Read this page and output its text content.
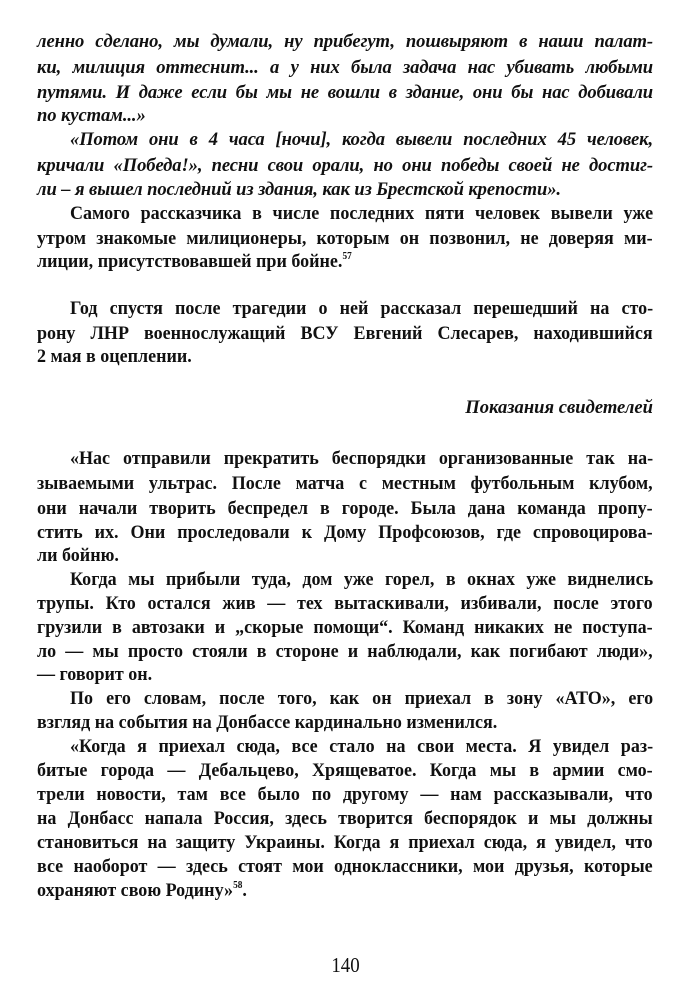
ленно сделано, мы думали, ну прибегут, пошвыряют в наши палат-
ки, милиция оттеснит... а у них была задача нас убивать любыми
путями. И даже если бы мы не вошли в здание, они бы нас добивали
по кустам...»
«Потом они в 4 часа [ночи], когда вывели последних 45 человек,
кричали «Победа!», песни свои орали, но они победы своей не достиг-
ли – я вышел последний из здания, как из Брестской крепости».
Самого рассказчика в числе последних пяти человек вывели уже
утром знакомые милиционеры, которым он позвонил, не доверяя ми-
лиции, присутствовавшей при бойне.$^{57}$
Год спустя после трагедии о ней рассказал перешедший на сто-
рону ЛНР военнослужащий ВСУ Евгений Слесарев, находившийся
2 мая в оцеплении.
Показания свидетелей
«Нас отправили прекратить беспорядки организованные так на-
зываемыми ультрас. После матча с местным футбольным клубом,
они начали творить беспредел в городе. Была дана команда пропу-
стить их. Они проследовали к Дому Профсоюзов, где спровоцирова-
ли бойню.
Когда мы прибыли туда, дом уже горел, в окнах уже виднелись
трупы. Кто остался жив — тех вытаскивали, избивали, после этого
грузили в автозаки и „скорые помощи“. Команд никаких не поступа-
ло — мы просто стояли в стороне и наблюдали, как погибают люди»,
— говорит он.
По его словам, после того, как он приехал в зону «АТО», его
взгляд на события на Донбассе кардинально изменился.
«Когда я приехал сюда, все стало на свои места. Я увидел раз-
битые города — Дебальцево, Хрящеватое. Когда мы в армии смо-
трели новости, там все было по другому — нам рассказывали, что
на Донбасс напала Россия, здесь творится беспорядок и мы должны
становиться на защиту Украины. Когда я приехал сюда, я увидел, что
все наоборот — здесь стоят мои одноклассники, мои друзья, которые
охраняют свою Родину»$^{58}$.
140
